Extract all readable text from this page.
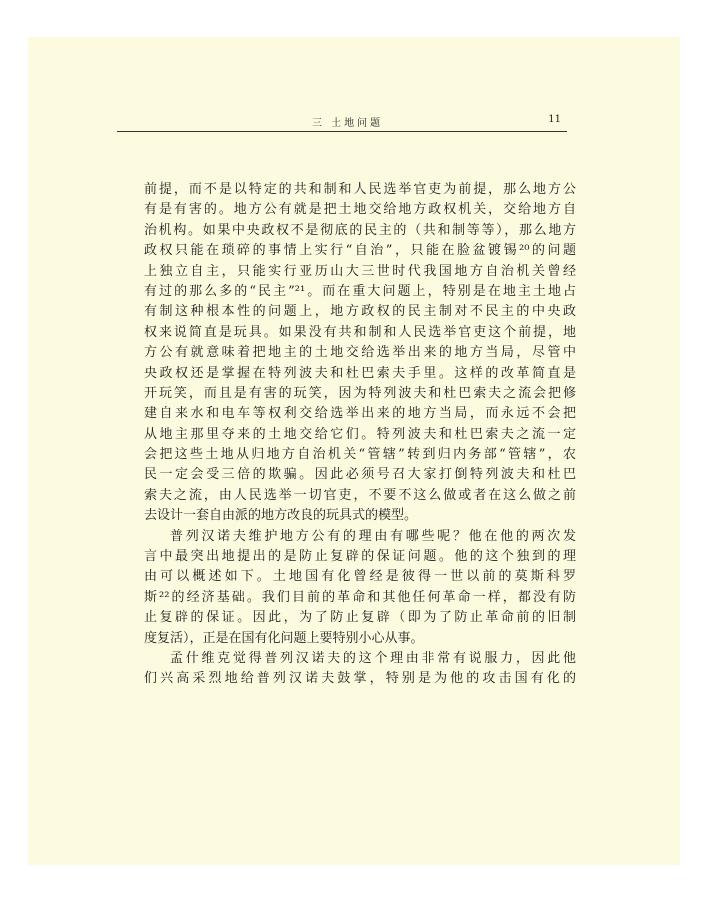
三 土地问题	11
前提，而不是以特定的共和制和人民选举官吏为前提，那么地方公
有是有害的。地方公有就是把土地交给地方政权机关，交给地方自
治机构。如果中央政权不是彻底的民主的（共和制等等），那么地方
政权只能在琐碎的事情上实行“自治”，只能在脸盆镀锡²⁰的问题
上独立自主，只能实行亚历山大三世时代我国地方自治机关曾经
有过的那么多的“民主”²¹。而在重大问题上，特别是在地主土地占
有制这种根本性的问题上，地方政权的民主制对不民主的中央政
权来说简直是玩具。如果没有共和制和人民选举官吏这个前提，地
方公有就意味着把地主的土地交给选举出来的地方当局，尽管中
央政权还是掌握在特列波夫和杜巴索夫手里。这样的改革简直是
开玩笑，而且是有害的玩笑，因为特列波夫和杜巴索夫之流会把修
建自来水和电车等权利交给选举出来的地方当局，而永远不会把
从地主那里夺来的土地交给它们。特列波夫和杜巴索夫之流一定
会把这些土地从归地方自治机关“管辖”转到归内务部“管辖”，农
民一定会受三倍的欺骗。因此必须号召大家打倒特列波夫和杜巴
索夫之流，由人民选举一切官吏，不要不这么做或者在这么做之前
去设计一套自由派的地方改良的玩具式的模型。
普列汉诺夫维护地方公有的理由有哪些呢？他在他的两次发
言中最突出地提出的是防止复辟的保证问题。他的这个独到的理
由可以概述如下。土地国有化曾经是彼得一世以前的莫斯科罗
斯²²的经济基础。我们目前的革命和其他任何革命一样，都没有防
止复辟的保证。因此，为了防止复辟（即为了防止革命前的旧制
度复活），正是在国有化问题上要特别小心从事。
孟什维克觉得普列汉诺夫的这个理由非常有说服力，因此他
们兴高采烈地给普列汉诺夫鼓掌，特别是为他的攻击国有化的
